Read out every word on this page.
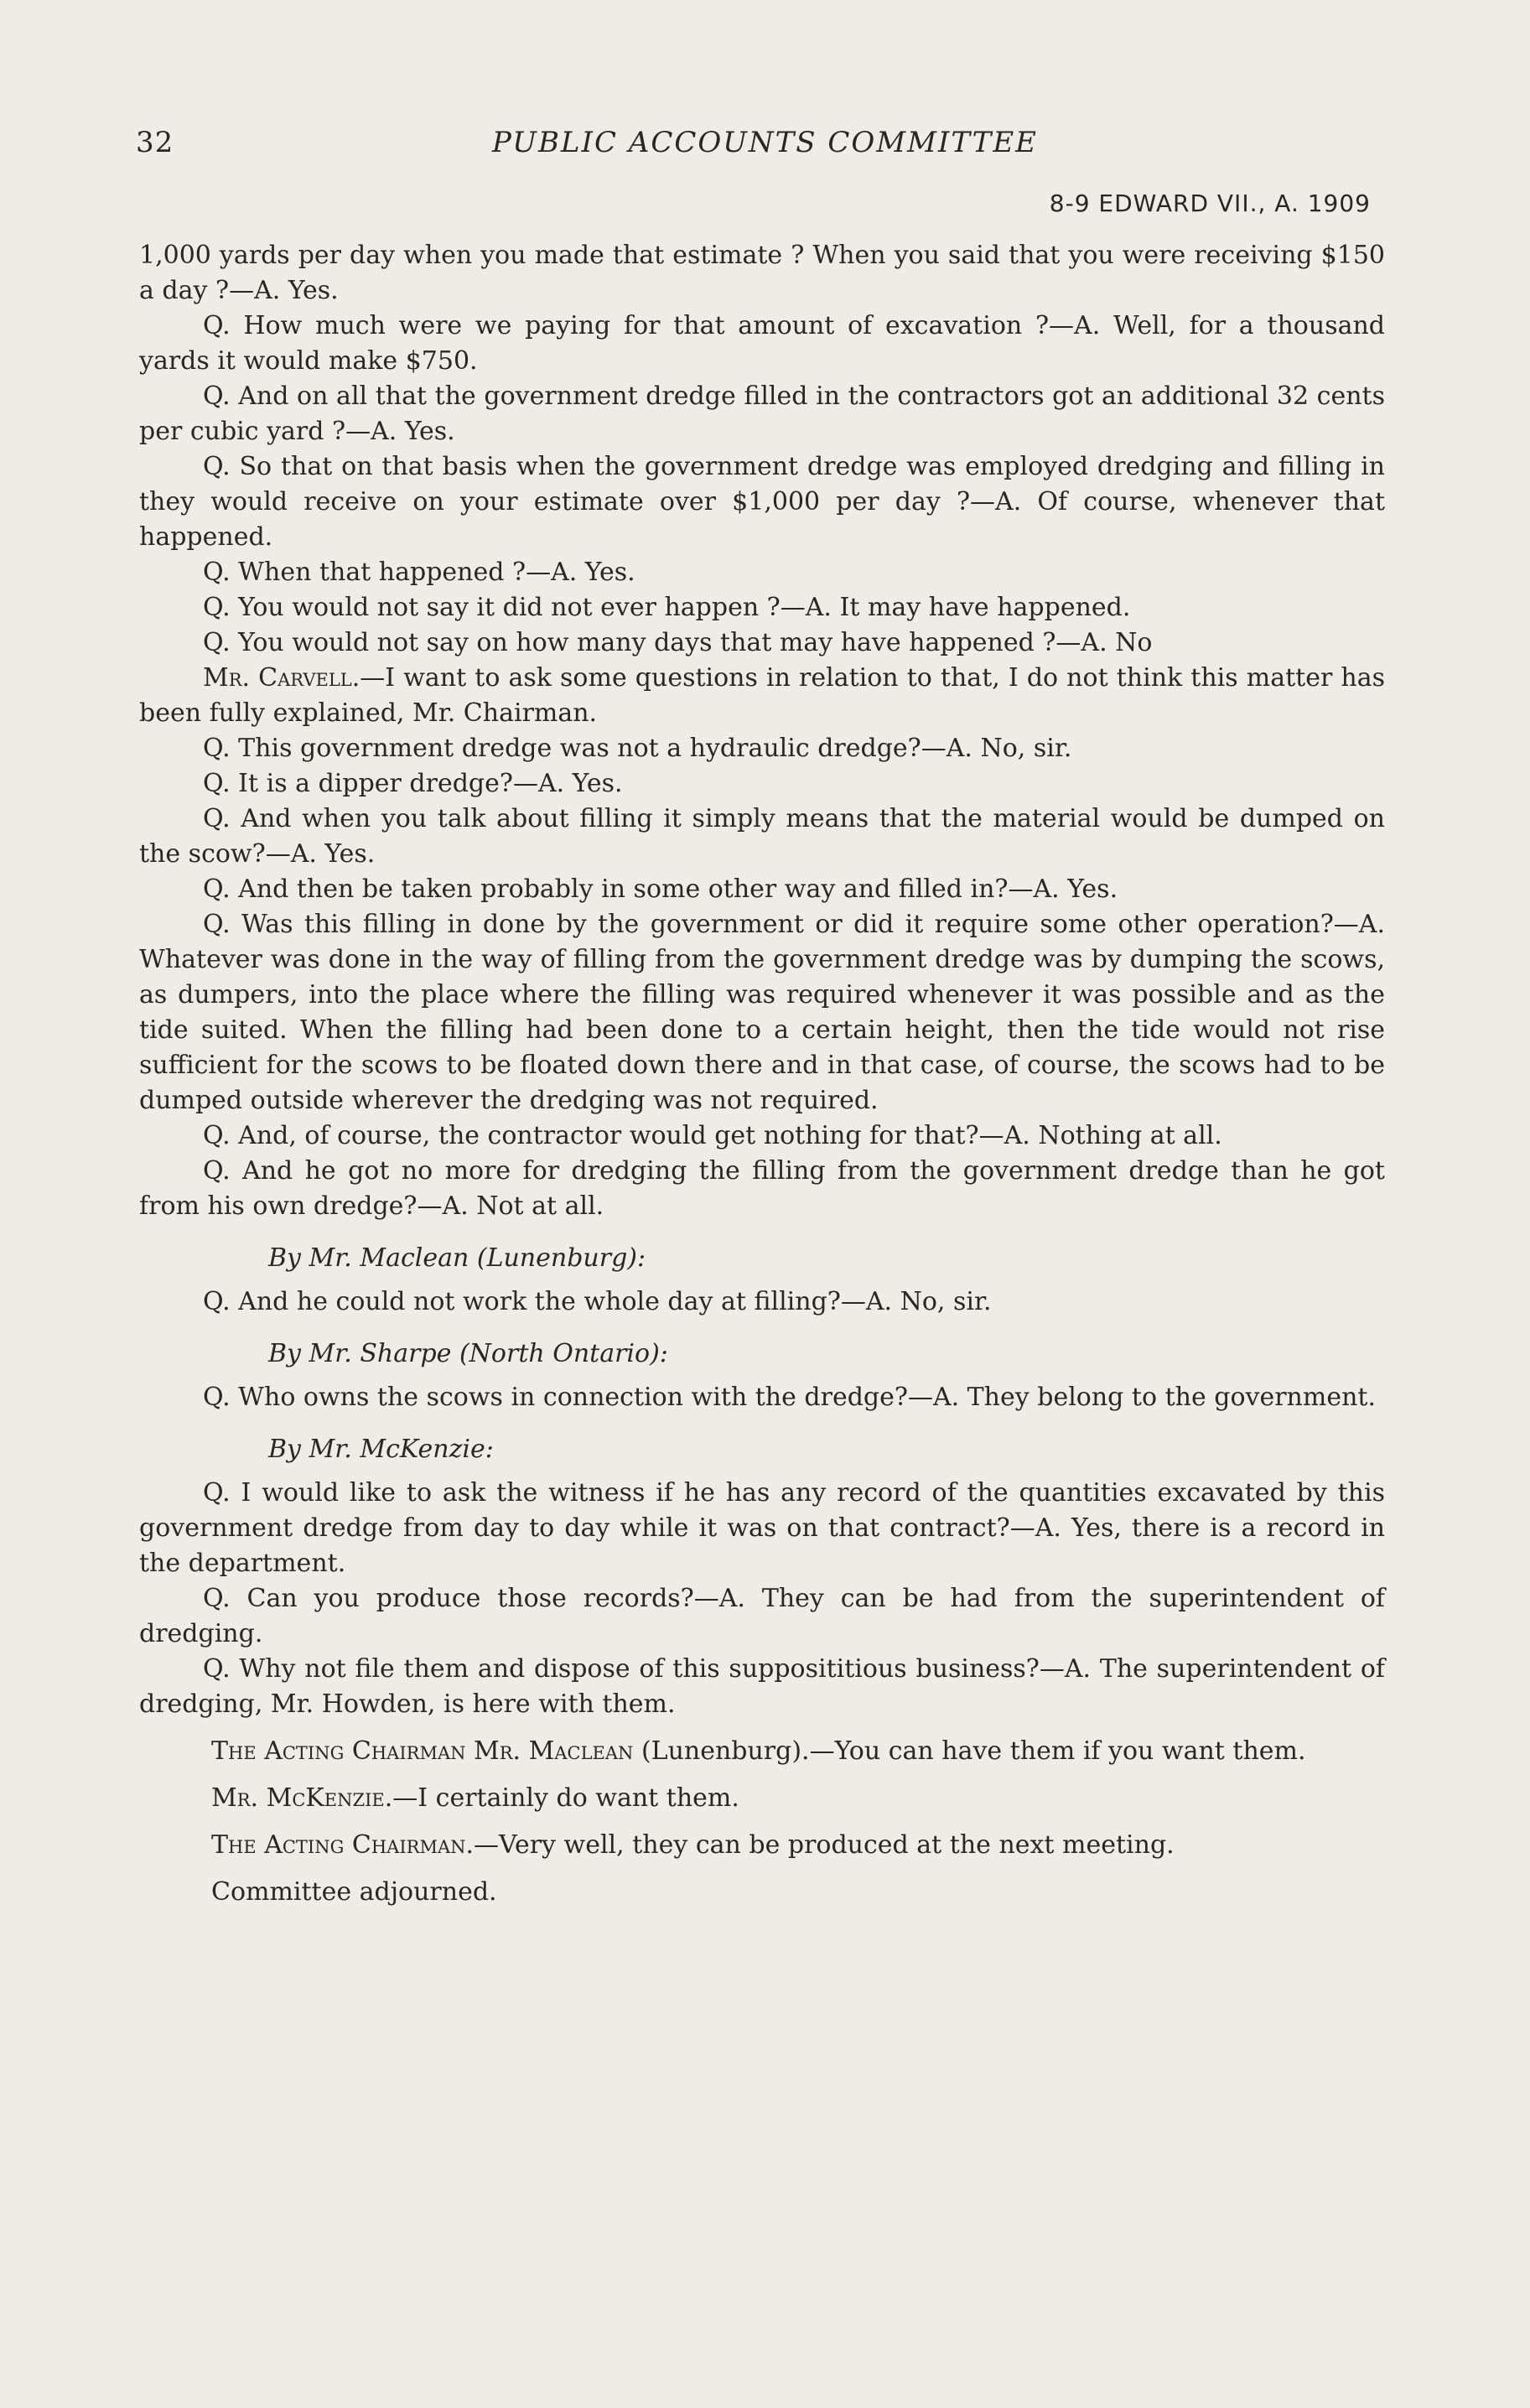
32	PUBLIC ACCOUNTS COMMITTEE
8-9 EDWARD VII., A. 1909

1,000 yards per day when you made that estimate ? When you said that you were receiving $150 a day ?—A. Yes.

Q. How much were we paying for that amount of excavation ?—A. Well, for a thousand yards it would make $750.

Q. And on all that the government dredge filled in the contractors got an additional 32 cents per cubic yard ?—A. Yes.

Q. So that on that basis when the government dredge was employed dredging and filling in they would receive on your estimate over $1,000 per day ?—A. Of course, whenever that happened.

Q. When that happened ?—A. Yes.

Q. You would not say it did not ever happen ?—A. It may have happened.

Q. You would not say on how many days that may have happened ?—A. No

Mr. Carvell.—I want to ask some questions in relation to that, I do not think this matter has been fully explained, Mr. Chairman.

Q. This government dredge was not a hydraulic dredge?—A. No, sir.

Q. It is a dipper dredge?—A. Yes.

Q. And when you talk about filling it simply means that the material would be dumped on the scow?—A. Yes.

Q. And then be taken probably in some other way and filled in?—A. Yes.

Q. Was this filling in done by the government or did it require some other operation?—A. Whatever was done in the way of filling from the government dredge was by dumping the scows, as dumpers, into the place where the filling was required whenever it was possible and as the tide suited. When the filling had been done to a certain height, then the tide would not rise sufficient for the scows to be floated down there and in that case, of course, the scows had to be dumped outside wherever the dredging was not required.

Q. And, of course, the contractor would get nothing for that?—A. Nothing at all.

Q. And he got no more for dredging the filling from the government dredge than he got from his own dredge?—A. Not at all.

By Mr. Maclean (Lunenburg):

Q. And he could not work the whole day at filling?—A. No, sir.

By Mr. Sharpe (North Ontario):

Q. Who owns the scows in connection with the dredge?—A. They belong to the government.

By Mr. McKenzie:

Q. I would like to ask the witness if he has any record of the quantities excavated by this government dredge from day to day while it was on that contract?—A. Yes, there is a record in the department.

Q. Can you produce those records?—A. They can be had from the superintendent of dredging.

Q. Why not file them and dispose of this supposititious business?—A. The superintendent of dredging, Mr. Howden, is here with them.

The Acting Chairman Mr. Maclean (Lunenburg).—You can have them if you want them.

Mr. McKenzie.—I certainly do want them.

The Acting Chairman.—Very well, they can be produced at the next meeting.

Committee adjourned.
